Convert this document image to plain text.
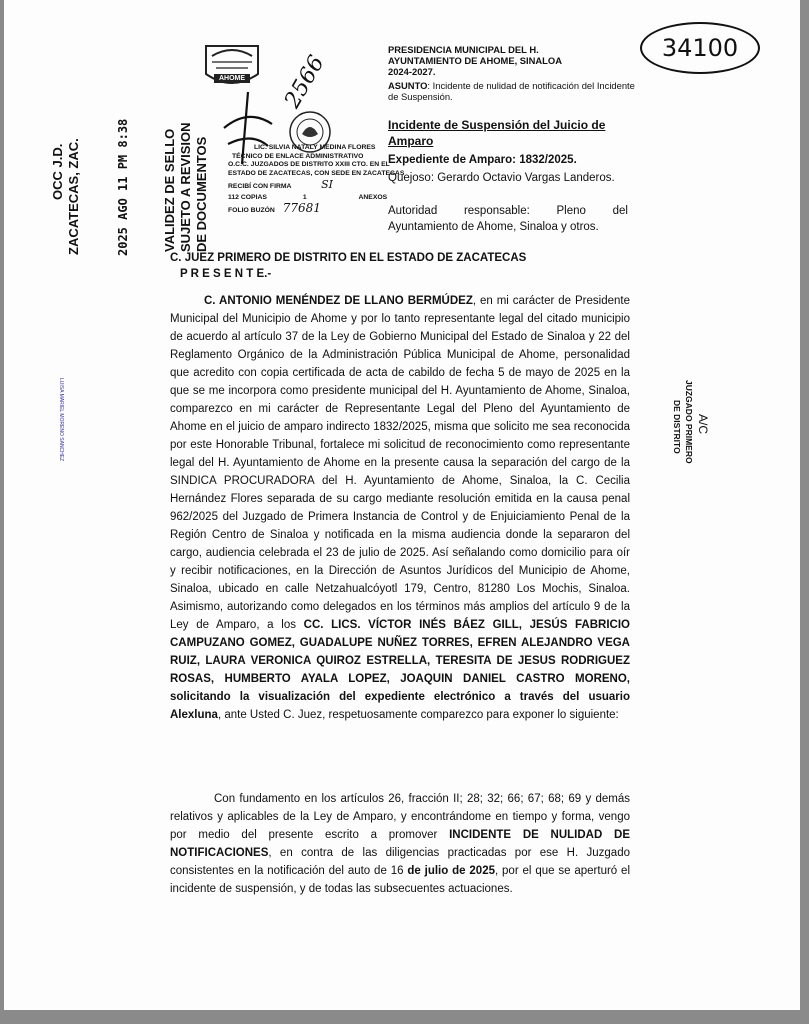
AHOME
PRESIDENCIA MUNICIPAL DEL H.
AYUNTAMIENTO DE AHOME, SINALOA
2024-2027.
ASUNTO: Incidente de nulidad de notificación del Incidente de Suspensión.
34100
2566
Incidente de Suspensión del Juicio de Amparo
Expediente de Amparo: 1832/2025.
Quejoso: Gerardo Octavio Vargas Landeros.
Autoridad responsable: Pleno del Ayuntamiento de Ahome, Sinaloa y otros.
OCC J.D. ZACATECAS, ZAC.	2025 AGO 11 PM 8:38 VALIDEZ DE SELLO SUJETO A REVISION DE DOCUMENTOS	LIC. SILVIA NATALY MEDINA FLORES
TÉCNICO DE ENLACE ADMINISTRATIVO
O.C.C. JUZGADOS DE DISTRITO XXIII CTO. EN EL
ESTADO DE ZACATECAS, CON SEDE EN ZACATECAS
RECIBÍ CON FIRMA	SI
112 COPIAS	1	ANEXOS
FOLIO BUZÓN 77681
C. JUEZ PRIMERO DE DISTRITO EN EL ESTADO DE ZACATECAS
P R E S E N T E.-
C. ANTONIO MENÉNDEZ DE LLANO BERMÚDEZ, en mi carácter de Presidente Municipal del Municipio de Ahome y por lo tanto representante legal del citado municipio de acuerdo al artículo 37 de la Ley de Gobierno Municipal del Estado de Sinaloa y 22 del Reglamento Orgánico de la Administración Pública Municipal de Ahome, personalidad que acredito con copia certificada de acta de cabildo de fecha 5 de mayo de 2025 en la que se me incorpora como presidente municipal del H. Ayuntamiento de Ahome, Sinaloa, comparezco en mi carácter de Representante Legal del Pleno del Ayuntamiento de Ahome en el juicio de amparo indirecto 1832/2025, misma que solicito me sea reconocida por este Honorable Tribunal, fortalece mi solicitud de reconocimiento como representante legal del H. Ayuntamiento de Ahome en la presente causa la separación del cargo de la SINDICA PROCURADORA del H. Ayuntamiento de Ahome, Sinaloa, la C. Cecilia Hernández Flores separada de su cargo mediante resolución emitida en la causa penal 962/2025 del Juzgado de Primera Instancia de Control y de Enjuiciamiento Penal de la Región Centro de Sinaloa y notificada en la misma audiencia donde la separaron del cargo, audiencia celebrada el 23 de julio de 2025. Así señalando como domicilio para oír y recibir notificaciones, en la Dirección de Asuntos Jurídicos del Municipio de Ahome, Sinaloa, ubicado en calle Netzahualcóyotl 179, Centro, 81280 Los Mochis, Sinaloa. Asimismo, autorizando como delegados en los términos más amplios del artículo 9 de la Ley de Amparo, a los CC. LICS. VÍCTOR INÉS BÁEZ GILL, JESÚS FABRICIO CAMPUZANO GOMEZ, GUADALUPE NUÑEZ TORRES, EFREN ALEJANDRO VEGA RUIZ, LAURA VERONICA QUIROZ ESTRELLA, TERESITA DE JESUS RODRIGUEZ ROSAS, HUMBERTO AYALA LOPEZ, JOAQUIN DANIEL CASTRO MORENO, solicitando la visualización del expediente electrónico a través del usuario Alexluna, ante Usted C. Juez, respetuosamente comparezco para exponer lo siguiente:
Con fundamento en los artículos 26, fracción II; 28; 32; 66; 67; 68; 69 y demás relativos y aplicables de la Ley de Amparo, y encontrándome en tiempo y forma, vengo por medio del presente escrito a promover INCIDENTE DE NULIDAD DE NOTIFICACIONES, en contra de las diligencias practicadas por ese H. Juzgado consistentes en la notificación del auto de 16 de julio de 2025, por el que se aperturó el incidente de suspensión, y de todas las subsecuentes actuaciones.
JUZGADO PRIMERO
DE DISTRITO A/C
LUISA MARIEL MORENO SANCHEZ
